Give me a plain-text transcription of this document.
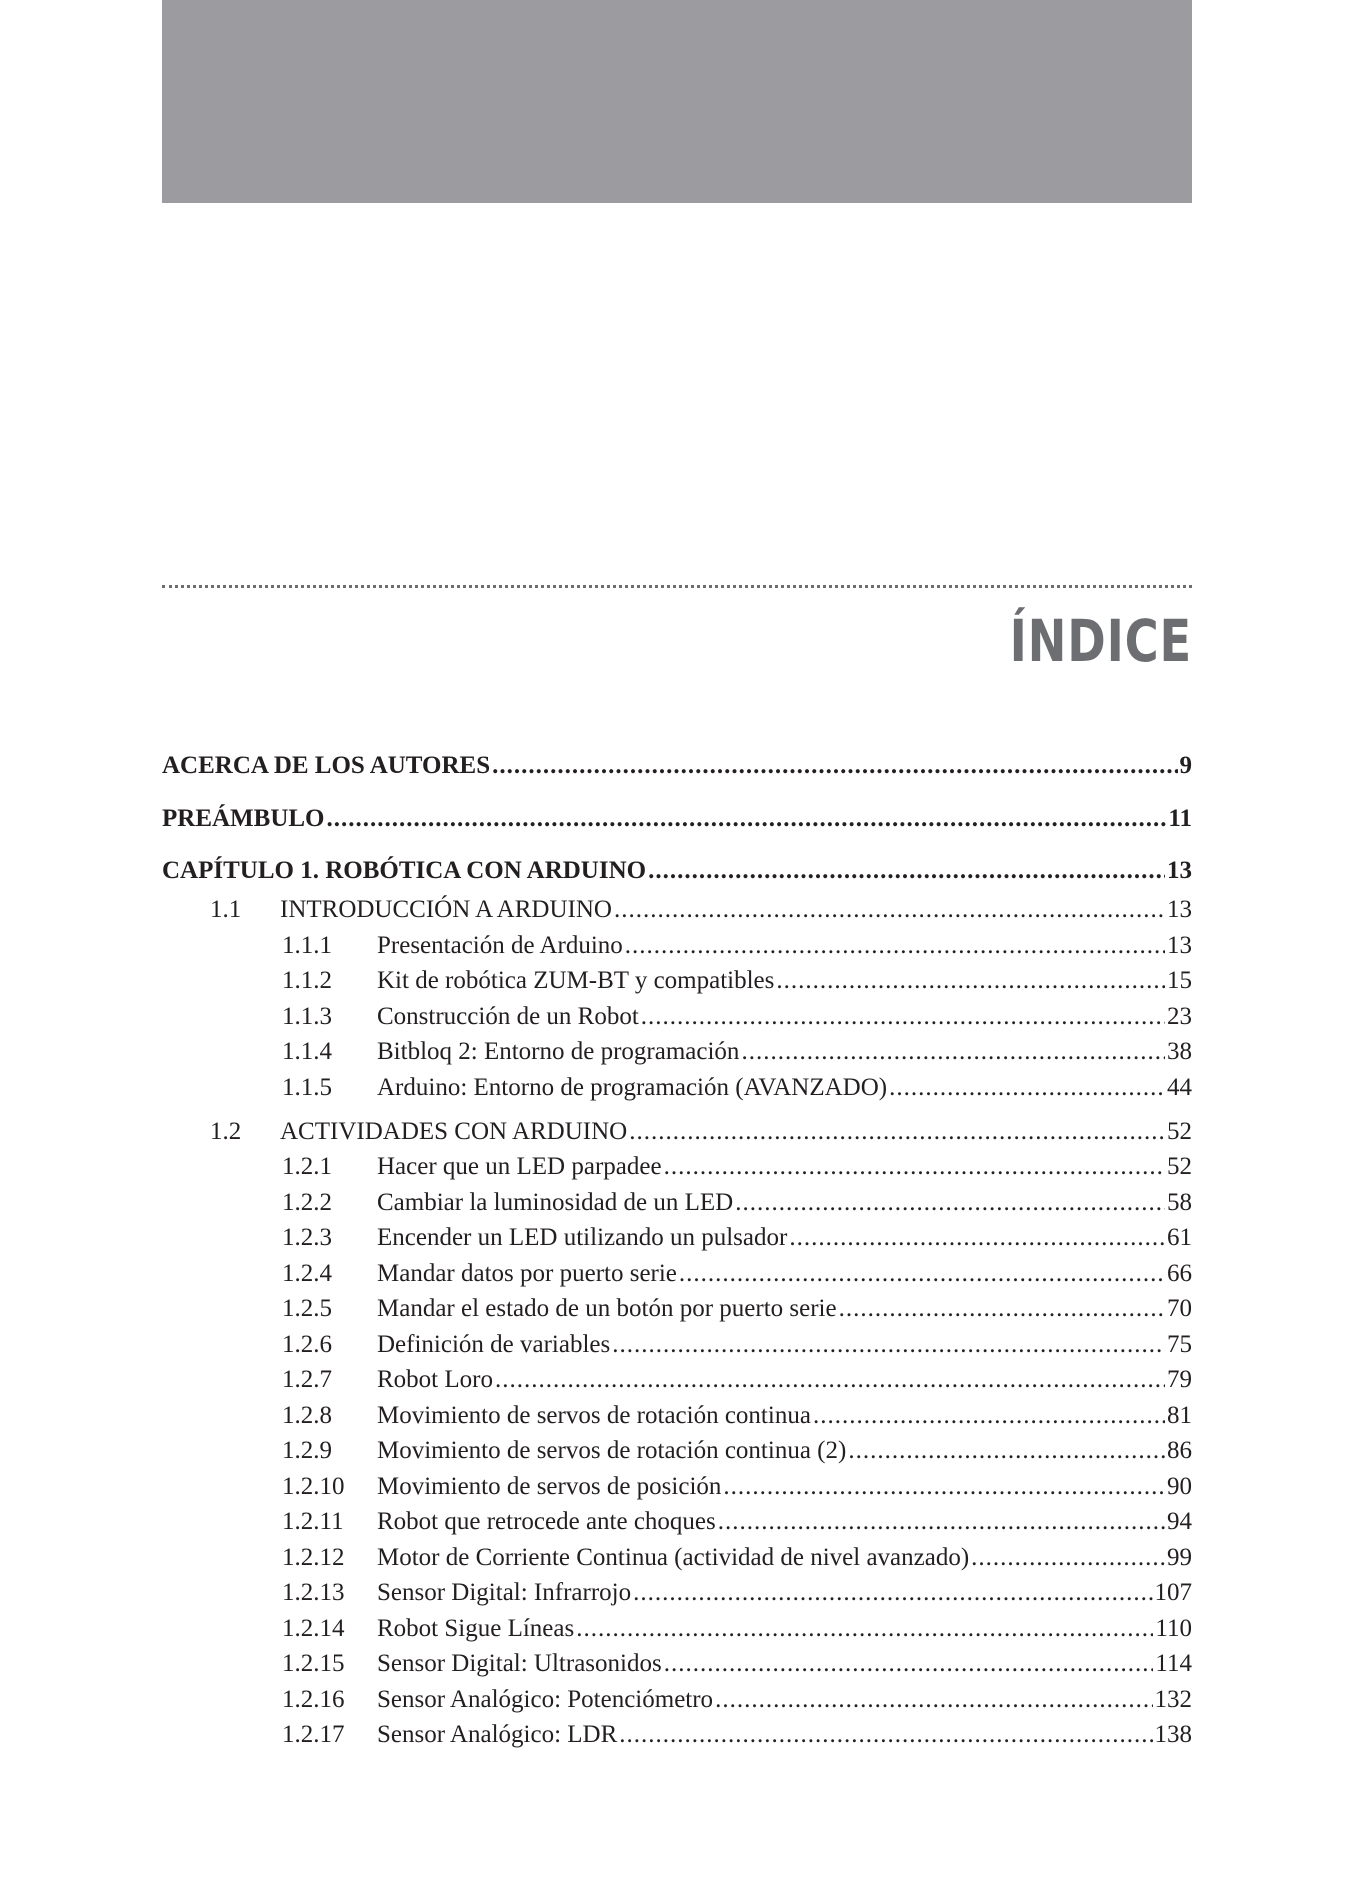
ÍNDICE
ACERCA DE LOS AUTORES .....	9
PREÁMBULO .....	11
CAPÍTULO 1. ROBÓTICA CON ARDUINO .....	13
1.1	INTRODUCCIÓN A ARDUINO .....	13
1.1.1	Presentación de Arduino .....	13
1.1.2	Kit de robótica ZUM-BT y compatibles .....	15
1.1.3	Construcción de un Robot .....	23
1.1.4	Bitbloq 2: Entorno de programación .....	38
1.1.5	Arduino: Entorno de programación (AVANZADO) .....	44
1.2	ACTIVIDADES CON ARDUINO .....	52
1.2.1	Hacer que un LED parpadee .....	52
1.2.2	Cambiar la luminosidad de un LED .....	58
1.2.3	Encender un LED utilizando un pulsador .....	61
1.2.4	Mandar datos por puerto serie .....	66
1.2.5	Mandar el estado de un botón por puerto serie .....	70
1.2.6	Definición de variables .....	75
1.2.7	Robot Loro .....	79
1.2.8	Movimiento de servos de rotación continua .....	81
1.2.9	Movimiento de servos de rotación continua (2) .....	86
1.2.10	Movimiento de servos de posición .....	90
1.2.11	Robot que retrocede ante choques .....	94
1.2.12	Motor de Corriente Continua (actividad de nivel avanzado) .....	99
1.2.13	Sensor Digital: Infrarrojo .....	107
1.2.14	Robot Sigue Líneas .....	110
1.2.15	Sensor Digital: Ultrasonidos .....	114
1.2.16	Sensor Analógico: Potenciómetro .....	132
1.2.17	Sensor Analógico: LDR .....	138
